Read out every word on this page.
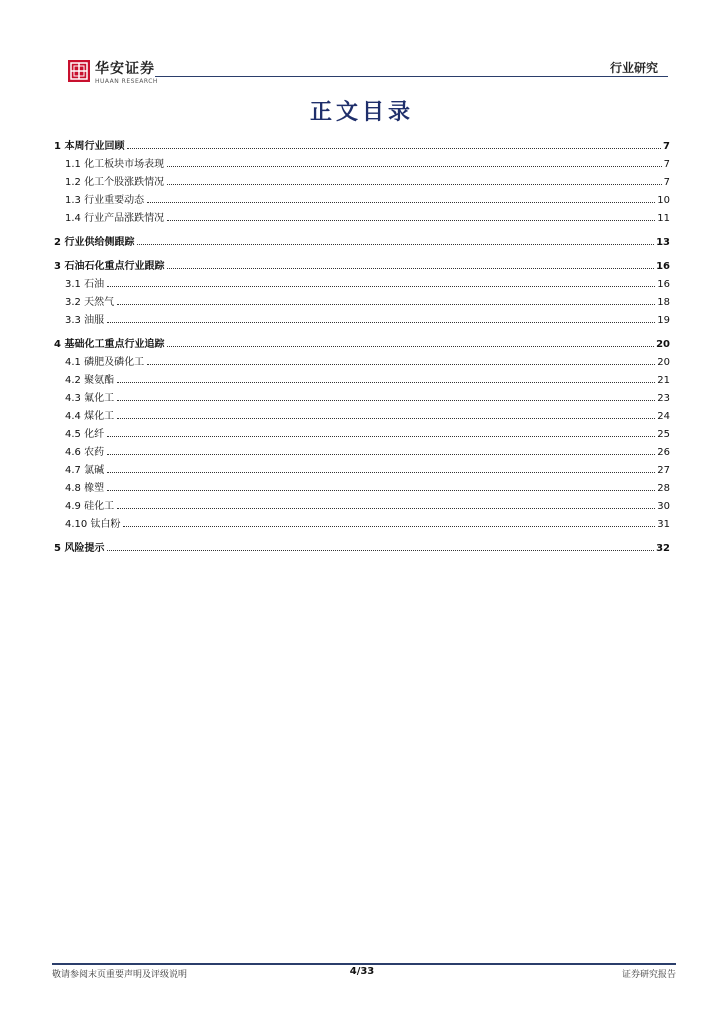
华安证券
HUAAN RESEARCH
行业研究
正文目录
1 本周行业回顾	7
1.1 化工板块市场表现	7
1.2 化工个股涨跌情况	7
1.3 行业重要动态	10
1.4 行业产品涨跌情况	11
2 行业供给侧跟踪	13
3 石油石化重点行业跟踪	16
3.1 石油	16
3.2 天然气	18
3.3 油服	19
4 基础化工重点行业追踪	20
4.1 磷肥及磷化工	20
4.2 聚氨酯	21
4.3 氟化工	23
4.4 煤化工	24
4.5 化纤	25
4.6 农药	26
4.7 氯碱	27
4.8 橡塑	28
4.9 硅化工	30
4.10 钛白粉	31
5 风险提示	32
敬请参阅末页重要声明及评级说明	4/33	证券研究报告
